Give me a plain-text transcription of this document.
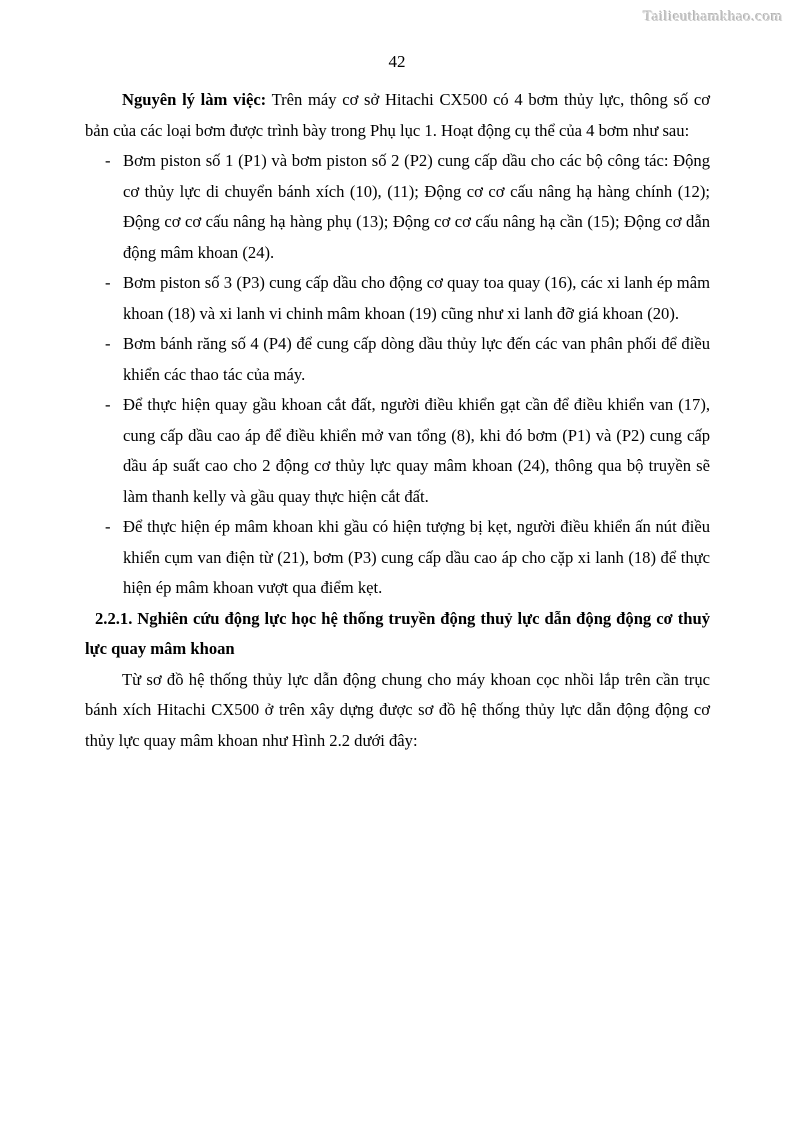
Tailieuthamkhao.com
42

Nguyên lý làm việc: Trên máy cơ sở Hitachi CX500 có 4 bơm thủy lực, thông số cơ bản của các loại bơm được trình bày trong Phụ lục 1. Hoạt động cụ thể của 4 bơm như sau:

- Bơm piston số 1 (P1) và bơm piston số 2 (P2) cung cấp dầu cho các bộ công tác: Động cơ thủy lực di chuyển bánh xích (10), (11); Động cơ cơ cấu nâng hạ hàng chính (12); Động cơ cơ cấu nâng hạ hàng phụ (13); Động cơ cơ cấu nâng hạ cần (15); Động cơ dẫn động mâm khoan (24).
- Bơm piston số 3 (P3) cung cấp dầu cho động cơ quay toa quay (16), các xi lanh ép mâm khoan (18) và xi lanh vi chinh mâm khoan (19) cũng như xi lanh đỡ giá khoan (20).
- Bơm bánh răng số 4 (P4) để cung cấp dòng dầu thủy lực đến các van phân phối để điều khiển các thao tác của máy.
- Để thực hiện quay gầu khoan cắt đất, người điều khiển gạt cần để điều khiển van (17), cung cấp dầu cao áp để điều khiển mở van tổng (8), khi đó bơm (P1) và (P2) cung cấp dầu áp suất cao cho 2 động cơ thủy lực quay mâm khoan (24), thông qua bộ truyền sẽ làm thanh kelly và gầu quay thực hiện cắt đất.
- Để thực hiện ép mâm khoan khi gầu có hiện tượng bị kẹt, người điều khiển ấn nút điều khiển cụm van điện từ (21), bơm (P3) cung cấp dầu cao áp cho cặp xi lanh (18) để thực hiện ép mâm khoan vượt qua điểm kẹt.

2.2.1. Nghiên cứu động lực học hệ thống truyền động thuỷ lực dẫn động động cơ thuỷ lực quay mâm khoan

Từ sơ đồ hệ thống thủy lực dẫn động chung cho máy khoan cọc nhồi lắp trên cần trục bánh xích Hitachi CX500 ở trên xây dựng được sơ đồ hệ thống thủy lực dẫn động động cơ thủy lực quay mâm khoan như Hình 2.2 dưới đây:
